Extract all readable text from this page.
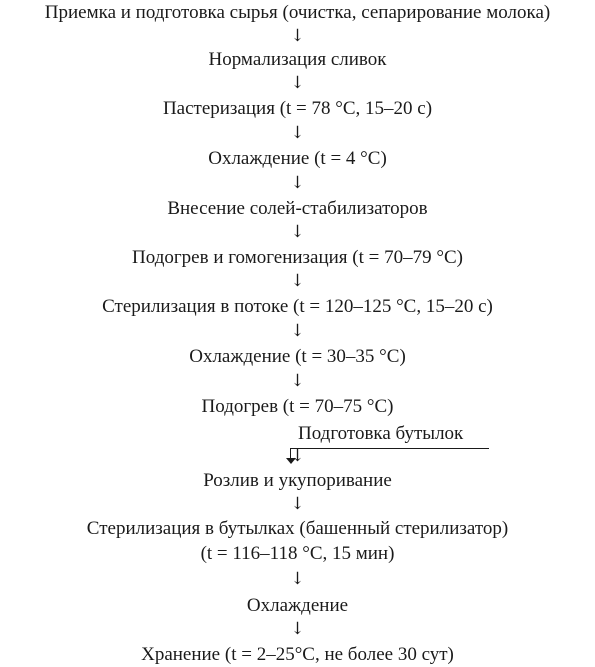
Приемка и подготовка сырья (очистка, сепарирование молока)
↓
Нормализация сливок
↓
Пастеризация (t = 78 °C, 15–20 с)
↓
Охлаждение (t = 4 °C)
↓
Внесение солей-стабилизаторов
↓
Подогрев и гомогенизация (t = 70–79 °C)
↓
Стерилизация в потоке (t = 120–125 °C, 15–20 с)
↓
Охлаждение (t = 30–35 °C)
↓
Подогрев (t = 70–75 °C)
Подготовка бутылок
↓
Розлив и укупоривание
↓
Стерилизация в бутылках (башенный стерилизатор)
(t = 116–118 °C, 15 мин)
↓
Охлаждение
↓
Хранение (t = 2–25°C, не более 30 сут)
